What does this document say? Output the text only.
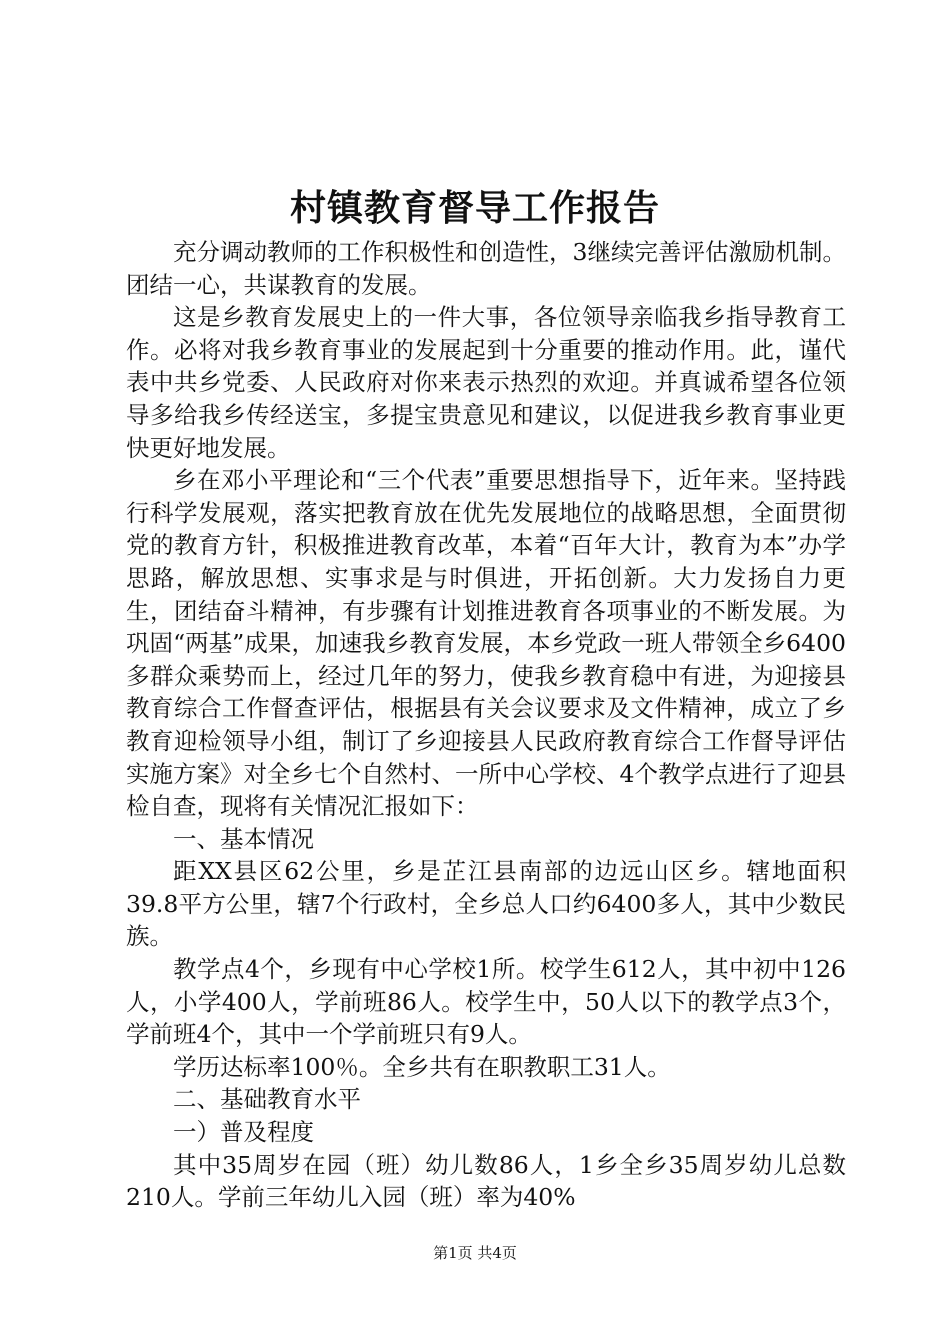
村镇教育督导工作报告

充分调动教师的工作积极性和创造性，3继续完善评估激励机制。团结一心，共谋教育的发展。

这是乡教育发展史上的一件大事，各位领导亲临我乡指导教育工作。必将对我乡教育事业的发展起到十分重要的推动作用。此，谨代表中共乡党委、人民政府对你来表示热烈的欢迎。并真诚希望各位领导多给我乡传经送宝，多提宝贵意见和建议，以促进我乡教育事业更快更好地发展。

乡在邓小平理论和“三个代表”重要思想指导下，近年来。坚持践行科学发展观，落实把教育放在优先发展地位的战略思想，全面贯彻党的教育方针，积极推进教育改革，本着“百年大计，教育为本”办学思路，解放思想、实事求是与时俱进，开拓创新。大力发扬自力更生，团结奋斗精神，有步骤有计划推进教育各项事业的不断发展。为巩固“两基”成果，加速我乡教育发展，本乡党政一班人带领全乡6400多群众乘势而上，经过几年的努力，使我乡教育稳中有进，为迎接县教育综合工作督查评估，根据县有关会议要求及文件精神，成立了乡教育迎检领导小组，制订了乡迎接县人民政府教育综合工作督导评估实施方案》对全乡七个自然村、一所中心学校、4个教学点进行了迎县检自查，现将有关情况汇报如下：

一、基本情况

距XX县区62公里，乡是芷江县南部的边远山区乡。辖地面积39.8平方公里，辖7个行政村，全乡总人口约6400多人，其中少数民族。

教学点4个，乡现有中心学校1所。校学生612人，其中初中126人，小学400人，学前班86人。校学生中，50人以下的教学点3个，学前班4个，其中一个学前班只有9人。

学历达标率100％。全乡共有在职教职工31人。

二、基础教育水平

一）普及程度

其中35周岁在园（班）幼儿数86人，1乡全乡35周岁幼儿总数210人。学前三年幼儿入园（班）率为40%

第1页 共4页
